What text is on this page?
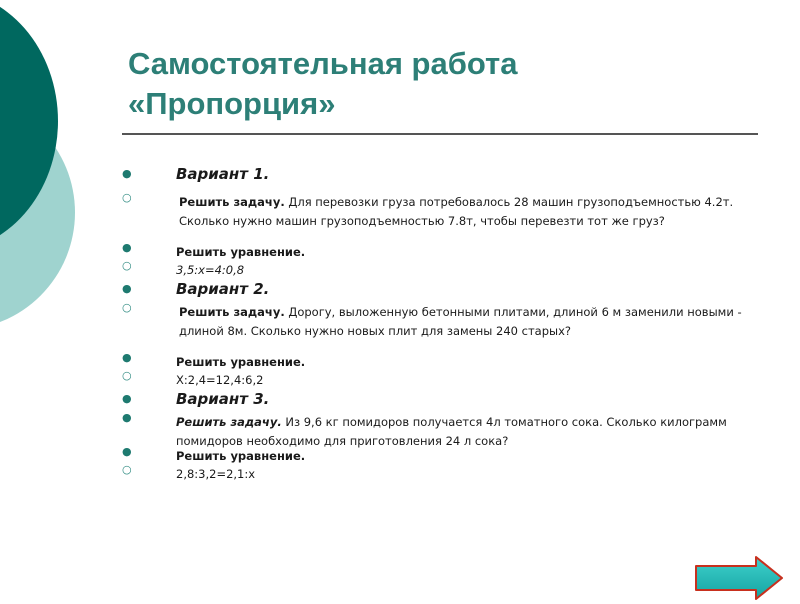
Самостоятельная работа
«Пропорция»
●	Вариант 1.
○	Решить задачу. Для перевозки груза потребовалось 28 машин грузоподъемностью 4.2т. Сколько нужно машин грузоподъемностью 7.8т, чтобы перевезти тот же груз?
●	Решить уравнение.
○	3,5:х=4:0,8
●	Вариант 2.
○	Решить задачу. Дорогу, выложенную бетонными плитами, длиной 6 м заменили новыми - длиной 8м. Сколько нужно новых плит для замены 240 старых?
●	Решить уравнение.
○	Х:2,4=12,4:6,2
●	Вариант 3.
●	Решить задачу. Из 9,6 кг помидоров получается 4л томатного сока. Сколько килограмм помидоров необходимо для приготовления 24 л сока?
●	Решить уравнение.
○	2,8:3,2=2,1:х
